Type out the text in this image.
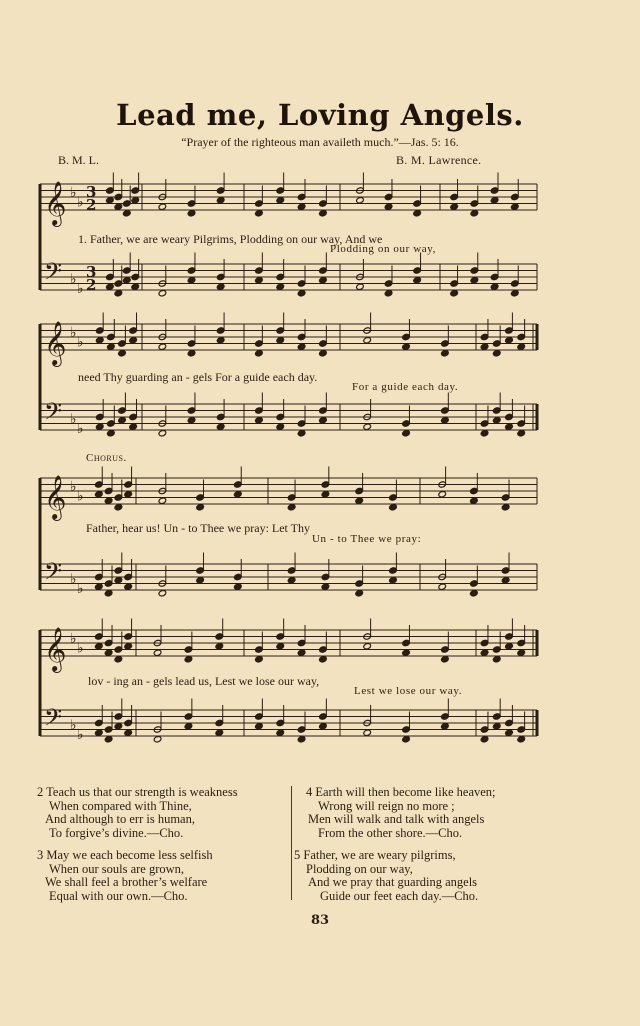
Lead me, Loving Angels.
“Prayer of the righteous man availeth much.”—Jas. 5: 16.
B. M. L.	B. M. Lawrence.
𝄞
𝄢
♭
♭
♭
♭
3
2
3
2
𝄞
𝄢
♭
♭
♭
♭
𝄞
𝄢
♭
♭
♭
♭
𝄞
𝄢
♭
♭
♭
♭
1. Father, we are weary Pilgrims, Plodding on our way, And we
Plodding on our way,
need Thy guarding an - gels For a guide each day.
For a guide each day.
Chorus.
Father, hear us! Un - to Thee we pray: Let Thy
Un - to Thee we pray:
lov - ing an - gels lead us, Lest we lose our way,
Lest we lose our way.
2 Teach us that our strength is weakness
When compared with Thine,
And although to err is human,
To forgive’s divine.—Cho.
3 May we each become less selfish
When our souls are grown,
We shall feel a brother’s welfare
Equal with our own.—Cho.
4 Earth will then become like heaven;
Wrong will reign no more ;
Men will walk and talk with angels
From the other shore.—Cho.
5 Father, we are weary pilgrims,
Plodding on our way,
And we pray that guarding angels
Guide our feet each day.—Cho.
83
